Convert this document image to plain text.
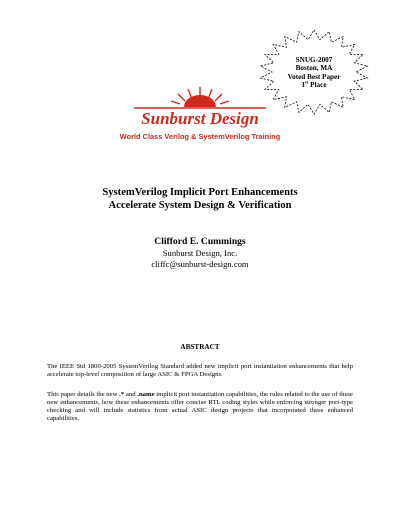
SNUG-2007
Boston, MA
Voted Best Paper
1st Place
Sunburst Design
World Class Verilog & SystemVerilog Training
SystemVerilog Implicit Port Enhancements
Accelerate System Design & Verification
Clifford E. Cummings
Sunburst Design, Inc.
cliffc@sunburst-design.com
ABSTRACT
The IEEE Std 1800-2005 SystemVerilog Standard added new implicit port instantiation enhancements that help accelerate top-level composition of large ASIC & FPGA Designs.
This paper details the new .* and .name implicit port instantiation capabilities, the rules related to the use of these new enhancements, how these enhancements offer concise RTL coding styles while enforcing stronger port-type checking and will include statistics from actual ASIC design projects that incorporated these enhanced capabilities.
